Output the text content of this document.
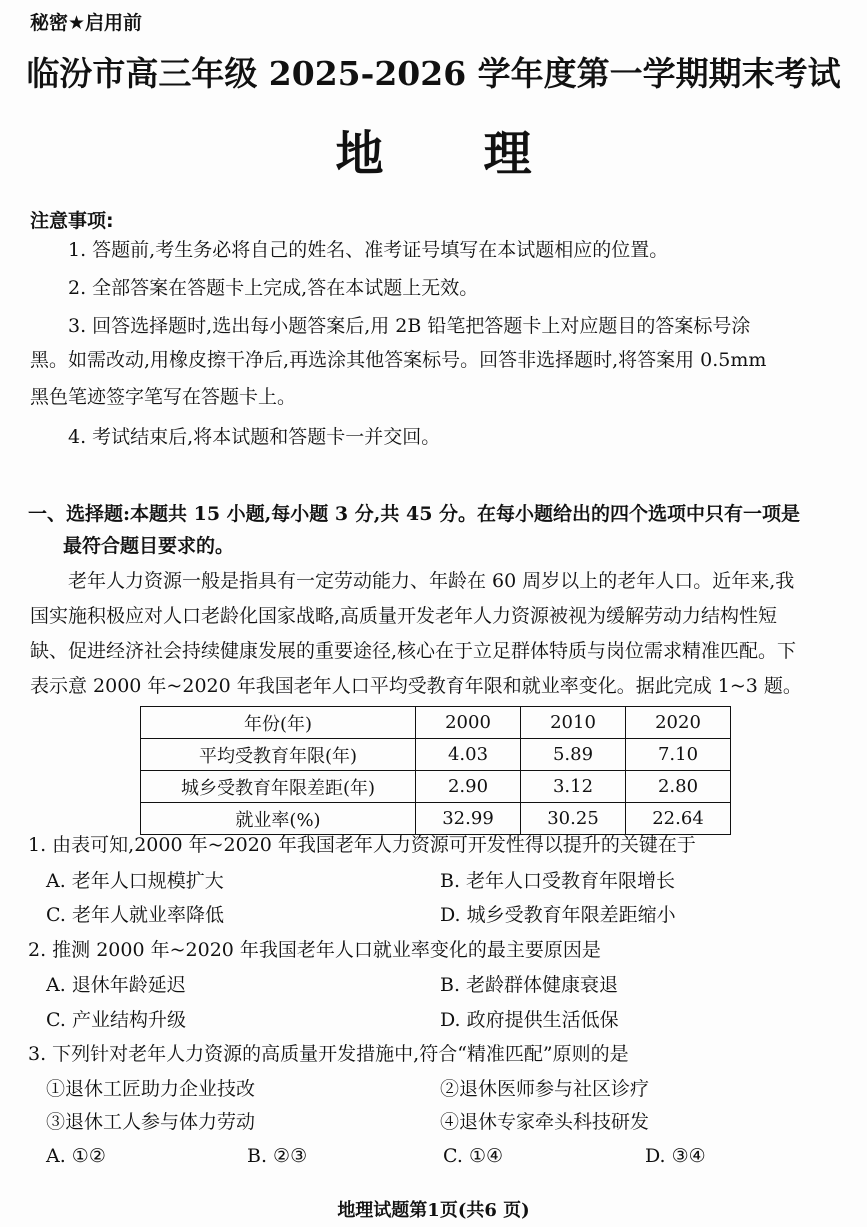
秘密★启用前
临汾市高三年级 2025-2026 学年度第一学期期末考试
地理
注意事项:
1. 答题前,考生务必将自己的姓名、准考证号填写在本试题相应的位置。
2. 全部答案在答题卡上完成,答在本试题上无效。
3. 回答选择题时,选出每小题答案后,用 2B 铅笔把答题卡上对应题目的答案标号涂
黑。如需改动,用橡皮擦干净后,再选涂其他答案标号。回答非选择题时,将答案用 0.5mm
黑色笔迹签字笔写在答题卡上。
4. 考试结束后,将本试题和答题卡一并交回。
一、选择题:本题共 15 小题,每小题 3 分,共 45 分。在每小题给出的四个选项中只有一项是
最符合题目要求的。
老年人力资源一般是指具有一定劳动能力、年龄在 60 周岁以上的老年人口。近年来,我
国实施积极应对人口老龄化国家战略,高质量开发老年人力资源被视为缓解劳动力结构性短
缺、促进经济社会持续健康发展的重要途径,核心在于立足群体特质与岗位需求精准匹配。下
表示意 2000 年~2020 年我国老年人口平均受教育年限和就业率变化。据此完成 1~3 题。
年份(年)	2000	2010	2020
平均受教育年限(年)	4.03	5.89	7.10
城乡受教育年限差距(年)	2.90	3.12	2.80
就业率(%)	32.99	30.25	22.64
1. 由表可知,2000 年~2020 年我国老年人力资源可开发性得以提升的关键在于
A. 老年人口规模扩大	B. 老年人口受教育年限增长
C. 老年人就业率降低	D. 城乡受教育年限差距缩小
2. 推测 2000 年~2020 年我国老年人口就业率变化的最主要原因是
A. 退休年龄延迟	B. 老龄群体健康衰退
C. 产业结构升级	D. 政府提供生活低保
3. 下列针对老年人力资源的高质量开发措施中,符合“精准匹配”原则的是
①退休工匠助力企业技改	②退休医师参与社区诊疗
③退休工人参与体力劳动	④退休专家牵头科技研发
A. ①②	B. ②③	C. ①④	D. ③④
地理试题第1页(共6 页)
